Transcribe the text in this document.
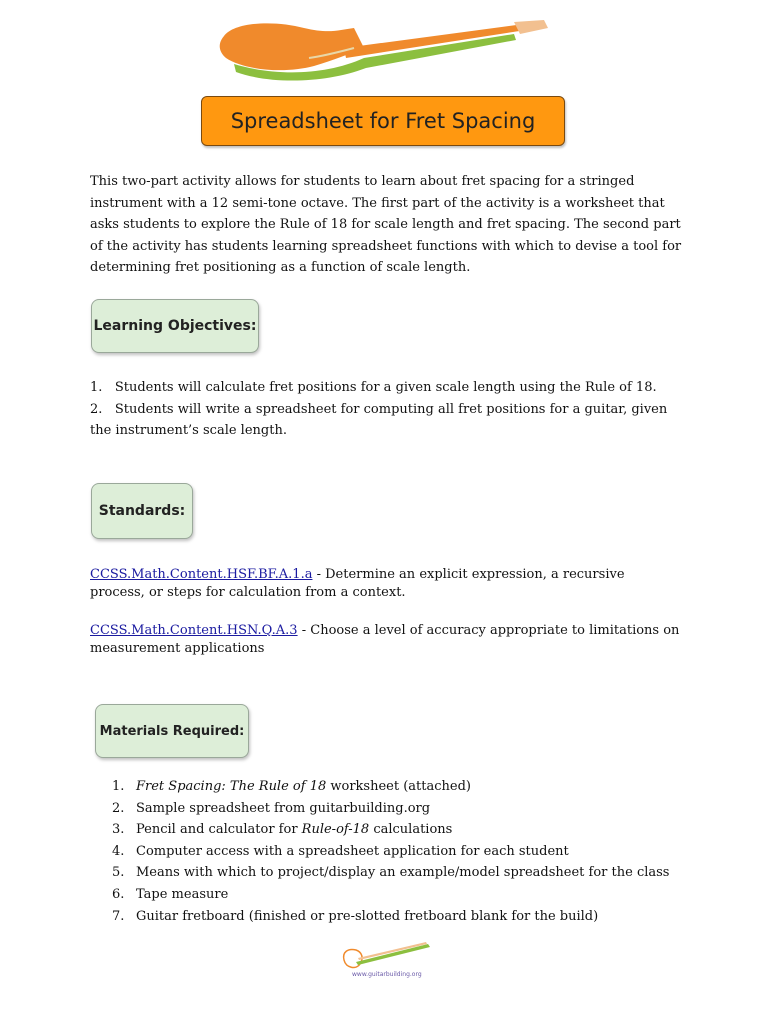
Spreadsheet for Fret Spacing
This two-part activity allows for students to learn about fret spacing for a stringed instrument with a 12 semi-tone octave. The first part of the activity is a worksheet that asks students to explore the Rule of 18 for scale length and fret spacing. The second part of the activity has students learning spreadsheet functions with which to devise a tool for determining fret positioning as a function of scale length.
Learning Objectives:

1. Students will calculate fret positions for a given scale length using the Rule of 18.

2. Students will write a spreadsheet for computing all fret positions for a guitar, given the instrument’s scale length.

Standards:
CCSS.Math.Content.HSF.BF.A.1.a - Determine an explicit expression, a recursive process, or steps for calculation from a context.
CCSS.Math.Content.HSN.Q.A.3 - Choose a level of accuracy appropriate to limitations on measurement applications
Materials Required:
1. Fret Spacing: The Rule of 18 worksheet (attached)
2. Sample spreadsheet from guitarbuilding.org
3. Pencil and calculator for Rule-of-18 calculations
4. Computer access with a spreadsheet application for each student
5. Means with which to project/display an example/model spreadsheet for the class
6. Tape measure
7. Guitar fretboard (finished or pre-slotted fretboard blank for the build)
www.guitarbuilding.org
